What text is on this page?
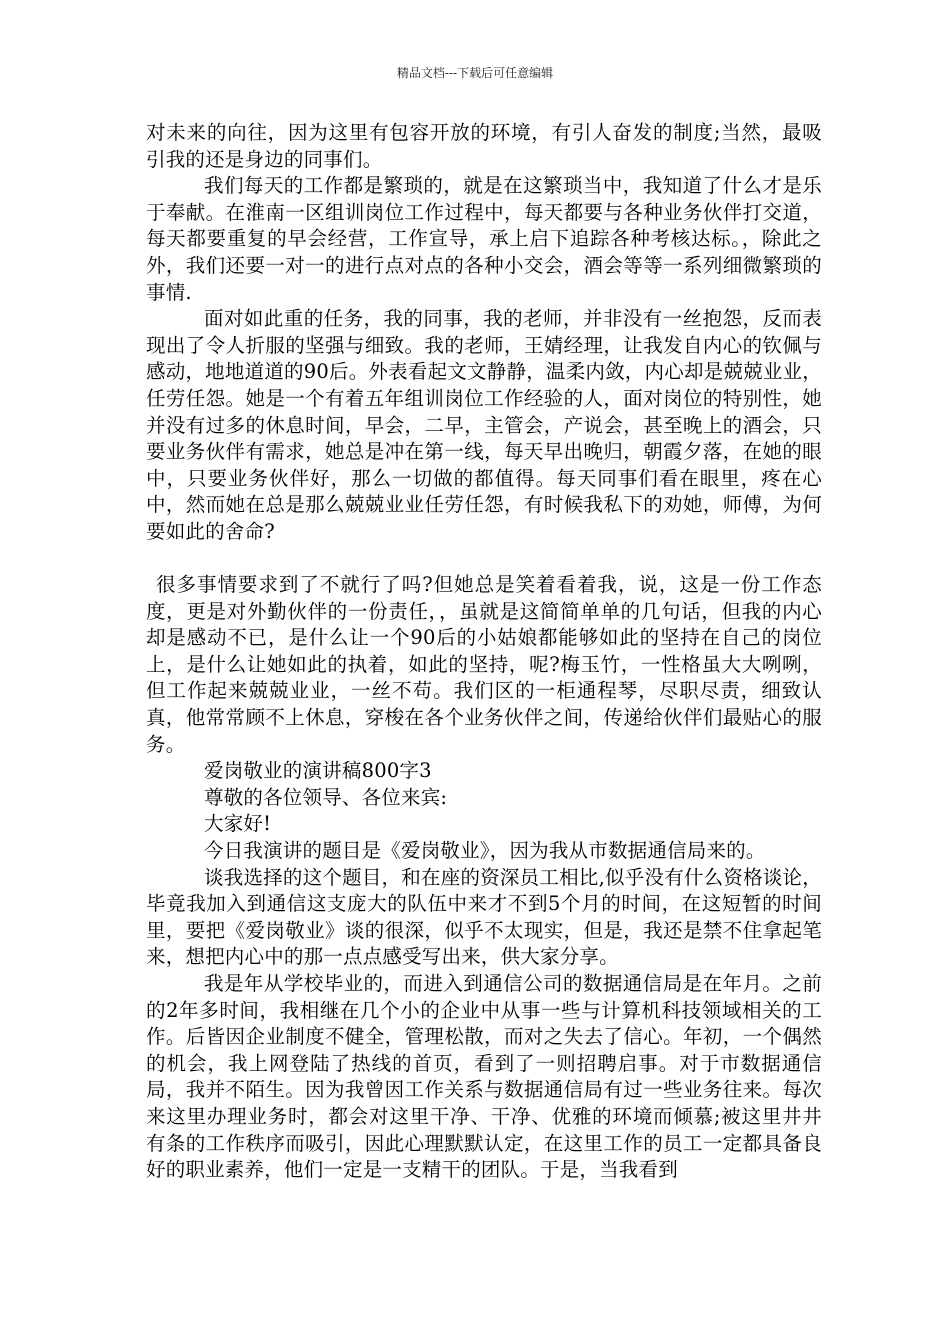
精品文档---下载后可任意编辑

对未来的向往，因为这里有包容开放的环境，有引人奋发的制度;当然，最吸引我的还是身边的同事们。

我们每天的工作都是繁琐的，就是在这繁琐当中，我知道了什么才是乐于奉献。在淮南一区组训岗位工作过程中，每天都要与各种业务伙伴打交道，每天都要重复的早会经营，工作宣导，承上启下追踪各种考核达标。，除此之外，我们还要一对一的进行点对点的各种小交会，酒会等等一系列细微繁琐的事情.

面对如此重的任务，我的同事，我的老师，并非没有一丝抱怨，反而表现出了令人折服的坚强与细致。我的老师，王婧经理，让我发自内心的钦佩与感动，地地道道的90后。外表看起文文静静，温柔内敛，内心却是兢兢业业，任劳任怨。她是一个有着五年组训岗位工作经验的人，面对岗位的特别性，她并没有过多的休息时间，早会，二早，主管会，产说会，甚至晚上的酒会，只要业务伙伴有需求，她总是冲在第一线，每天早出晚归，朝霞夕落，在她的眼中，只要业务伙伴好，那么一切做的都值得。每天同事们看在眼里，疼在心中，然而她在总是那么兢兢业业任劳任怨，有时候我私下的劝她，师傅，为何要如此的舍命?

很多事情要求到了不就行了吗?但她总是笑着看着我，说，这是一份工作态度，更是对外勤伙伴的一份责任，，虽就是这简简单单的几句话，但我的内心却是感动不已，是什么让一个90后的小姑娘都能够如此的坚持在自己的岗位上，是什么让她如此的执着，如此的坚持，呢?梅玉竹，一性格虽大大咧咧，但工作起来兢兢业业，一丝不苟。我们区的一柜通程琴，尽职尽责，细致认真，他常常顾不上休息，穿梭在各个业务伙伴之间，传递给伙伴们最贴心的服务。

爱岗敬业的演讲稿800字3

尊敬的各位领导、各位来宾:

大家好!

今日我演讲的题目是《爱岗敬业》，因为我从市数据通信局来的。

谈我选择的这个题目，和在座的资深员工相比,似乎没有什么资格谈论，毕竟我加入到通信这支庞大的队伍中来才不到5个月的时间，在这短暂的时间里，要把《爱岗敬业》谈的很深，似乎不太现实，但是，我还是禁不住拿起笔来，想把内心中的那一点点感受写出来，供大家分享。

我是年从学校毕业的，而进入到通信公司的数据通信局是在年月。之前的2年多时间，我相继在几个小的企业中从事一些与计算机科技领域相关的工作。后皆因企业制度不健全，管理松散，而对之失去了信心。年初，一个偶然的机会，我上网登陆了热线的首页，看到了一则招聘启事。对于市数据通信局，我并不陌生。因为我曾因工作关系与数据通信局有过一些业务往来。每次来这里办理业务时，都会对这里干净、干净、优雅的环境而倾慕;被这里井井有条的工作秩序而吸引，因此心理默默认定，在这里工作的员工一定都具备良好的职业素养，他们一定是一支精干的团队。于是，当我看到
